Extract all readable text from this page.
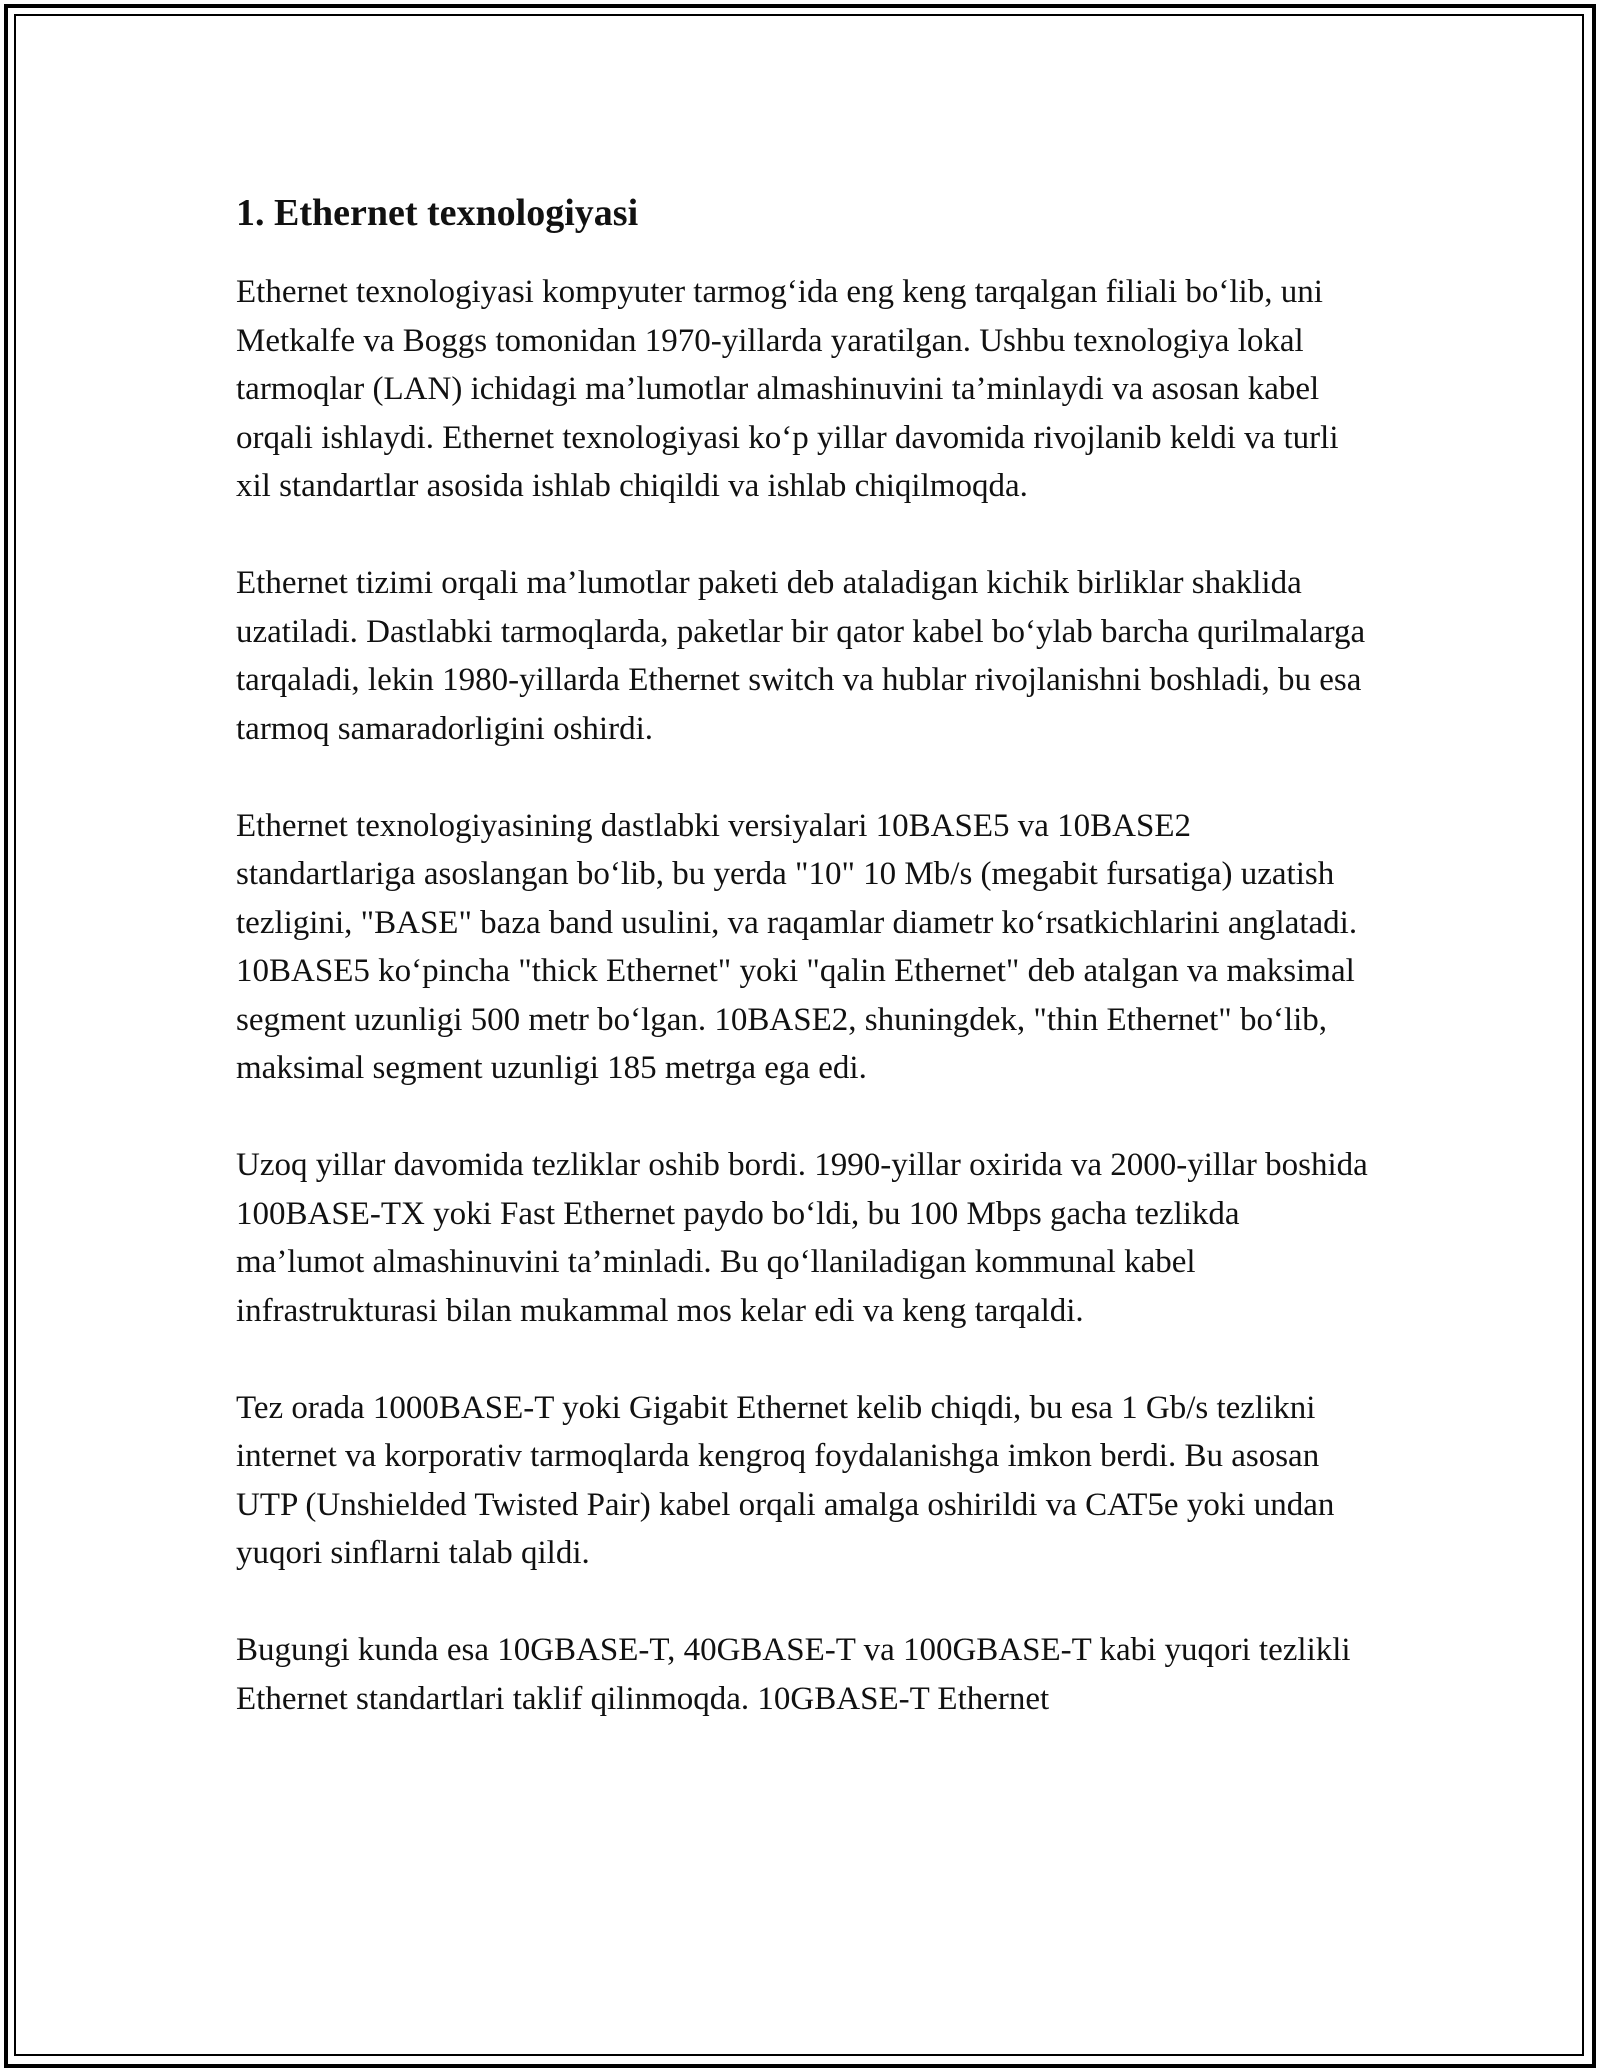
1. Ethernet texnologiyasi

Ethernet texnologiyasi kompyuter tarmog‘ida eng keng tarqalgan filiali bo‘lib, uni Metkalfe va Boggs tomonidan 1970-yillarda yaratilgan. Ushbu texnologiya lokal tarmoqlar (LAN) ichidagi ma’lumotlar almashinuvini ta’minlaydi va asosan kabel orqali ishlaydi. Ethernet texnologiyasi ko‘p yillar davomida rivojlanib keldi va turli xil standartlar asosida ishlab chiqildi va ishlab chiqilmoqda.

Ethernet tizimi orqali ma’lumotlar paketi deb ataladigan kichik birliklar shaklida uzatiladi. Dastlabki tarmoqlarda, paketlar bir qator kabel bo‘ylab barcha qurilmalarga tarqaladi, lekin 1980-yillarda Ethernet switch va hublar rivojlanishni boshladi, bu esa tarmoq samaradorligini oshirdi.

Ethernet texnologiyasining dastlabki versiyalari 10BASE5 va 10BASE2 standartlariga asoslangan bo‘lib, bu yerda "10" 10 Mb/s (megabit fursatiga) uzatish tezligini, "BASE" baza band usulini, va raqamlar diametr ko‘rsatkichlarini anglatadi. 10BASE5 ko‘pincha "thick Ethernet" yoki "qalin Ethernet" deb atalgan va maksimal segment uzunligi 500 metr bo‘lgan. 10BASE2, shuningdek, "thin Ethernet" bo‘lib, maksimal segment uzunligi 185 metrga ega edi.

Uzoq yillar davomida tezliklar oshib bordi. 1990-yillar oxirida va 2000-yillar boshida 100BASE-TX yoki Fast Ethernet paydo bo‘ldi, bu 100 Mbps gacha tezlikda ma’lumot almashinuvini ta’minladi. Bu qo‘llaniladigan kommunal kabel infrastrukturasi bilan mukammal mos kelar edi va keng tarqaldi.

Tez orada 1000BASE-T yoki Gigabit Ethernet kelib chiqdi, bu esa 1 Gb/s tezlikni internet va korporativ tarmoqlarda kengroq foydalanishga imkon berdi. Bu asosan UTP (Unshielded Twisted Pair) kabel orqali amalga oshirildi va CAT5e yoki undan yuqori sinflarni talab qildi.

Bugungi kunda esa 10GBASE-T, 40GBASE-T va 100GBASE-T kabi yuqori tezlikli Ethernet standartlari taklif qilinmoqda. 10GBASE-T Ethernet
